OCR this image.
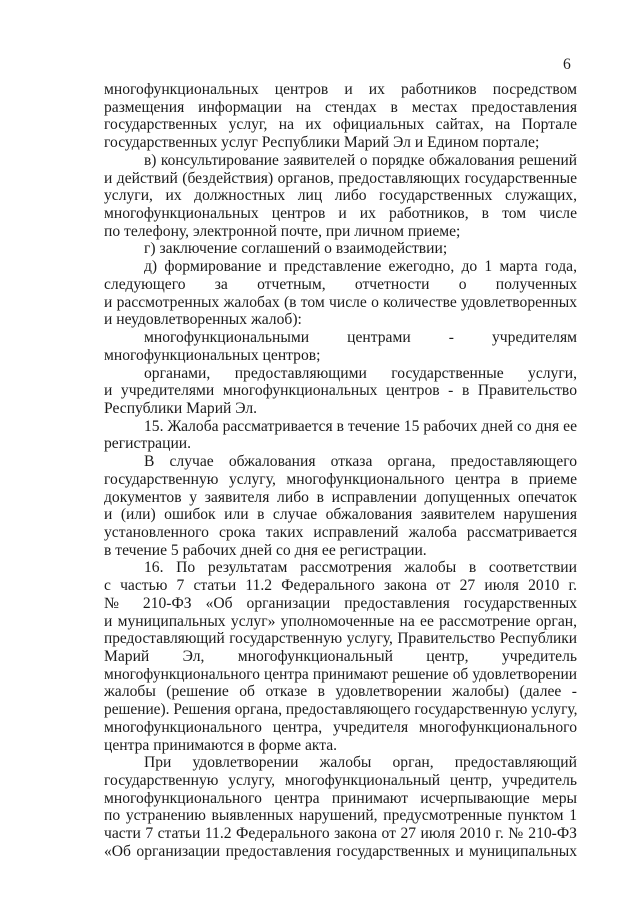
6
многофункциональных центров и их работников посредством
размещения информации на стендах в местах предоставления
государственных услуг, на их официальных сайтах, на Портале
государственных услуг Республики Марий Эл и Едином портале;
в) консультирование заявителей о порядке обжалования решений
и действий (бездействия) органов, предоставляющих государственные
услуги, их должностных лиц либо государственных служащих,
многофункциональных центров и их работников, в том числе
по телефону, электронной почте, при личном приеме;
г) заключение соглашений о взаимодействии;
д) формирование и представление ежегодно, до 1 марта года,
следующего за отчетным, отчетности о полученных
и рассмотренных жалобах (в том числе о количестве удовлетворенных
и неудовлетворенных жалоб):
многофункциональными центрами - учредителям
многофункциональных центров;
органами, предоставляющими государственные услуги,
и учредителями многофункциональных центров - в Правительство
Республики Марий Эл.
15. Жалоба рассматривается в течение 15 рабочих дней со дня ее
регистрации.
В случае обжалования отказа органа, предоставляющего
государственную услугу, многофункционального центра в приеме
документов у заявителя либо в исправлении допущенных опечаток
и (или) ошибок или в случае обжалования заявителем нарушения
установленного срока таких исправлений жалоба рассматривается
в течение 5 рабочих дней со дня ее регистрации.
16. По результатам рассмотрения жалобы в соответствии
с частью 7 статьи 11.2 Федерального закона от 27 июля 2010 г.
№ 210-ФЗ «Об организации предоставления государственных
и муниципальных услуг» уполномоченные на ее рассмотрение орган,
предоставляющий государственную услугу, Правительство Республики
Марий Эл, многофункциональный центр, учредитель
многофункционального центра принимают решение об удовлетворении
жалобы (решение об отказе в удовлетворении жалобы) (далее -
решение). Решения органа, предоставляющего государственную услугу,
многофункционального центра, учредителя многофункционального
центра принимаются в форме акта.
При удовлетворении жалобы орган, предоставляющий
государственную услугу, многофункциональный центр, учредитель
многофункционального центра принимают исчерпывающие меры
по устранению выявленных нарушений, предусмотренные пунктом 1
части 7 статьи 11.2 Федерального закона от 27 июля 2010 г. № 210-ФЗ
«Об организации предоставления государственных и муниципальных
